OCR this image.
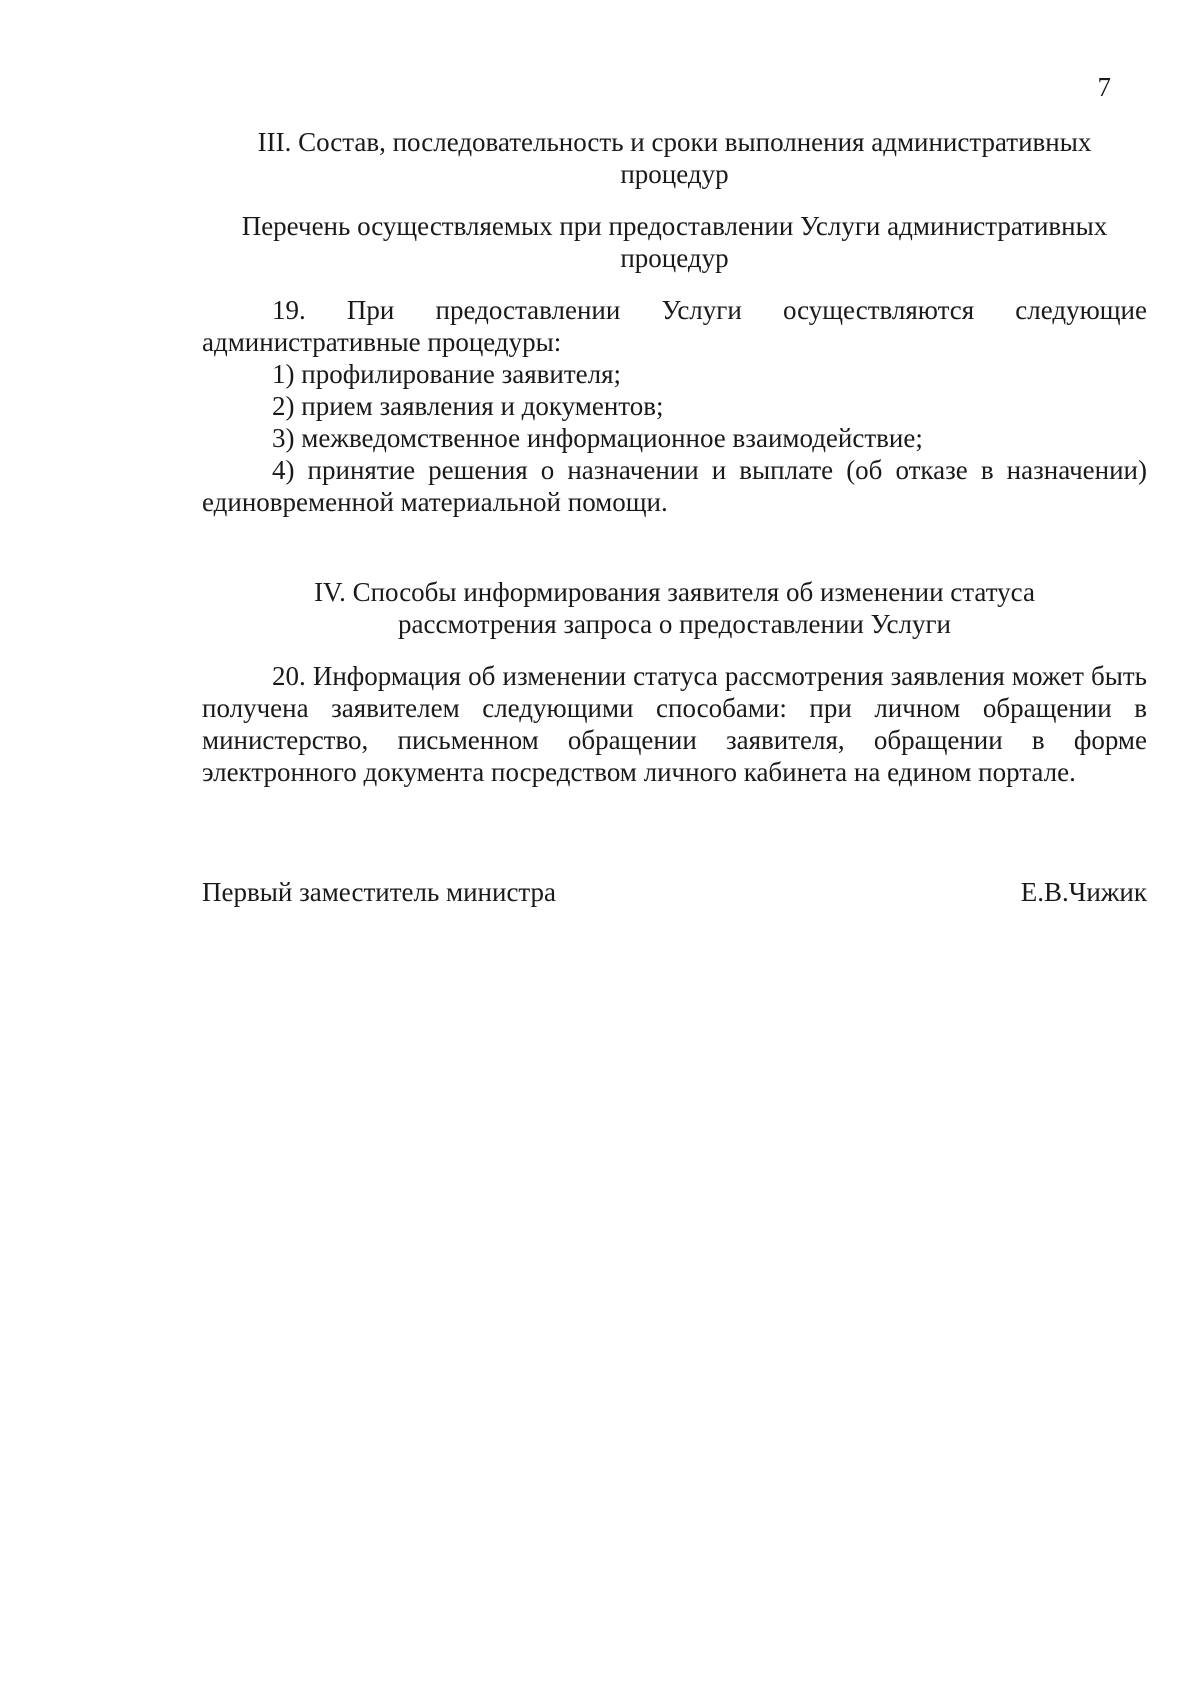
7
III. Состав, последовательность и сроки выполнения административных
процедур
Перечень осуществляемых при предоставлении Услуги административных
процедур

19. При предоставлении Услуги осуществляются следующие административные процедуры:

1) профилирование заявителя;

2) прием заявления и документов;

3) межведомственное информационное взаимодействие;

4) принятие решения о назначении и выплате (об отказе в назначении) единовременной материальной помощи.

IV. Способы информирования заявителя об изменении статуса
рассмотрения запроса о предоставлении Услуги

20. Информация об изменении статуса рассмотрения заявления может быть получена заявителем следующими способами: при личном обращении в министерство, письменном обращении заявителя, обращении в форме электронного документа посредством личного кабинета на едином портале.

Первый заместитель министра	Е.В.Чижик
